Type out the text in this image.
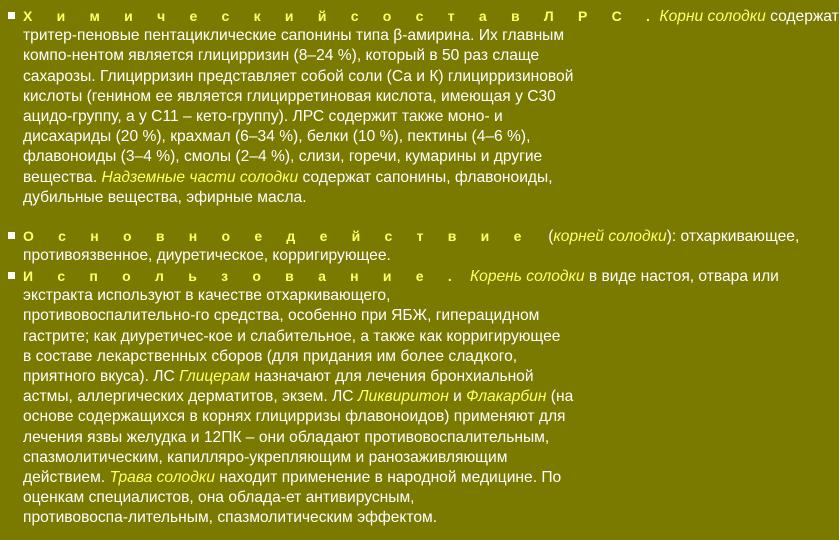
Х и м и ч е с к и й с о с т а в Л Р С . Корни солодки содержат
тритер-пеновые пентациклические сапонины типа β-амирина. Их главным
компо-нентом является глицирризин (8–24 %), который в 50 раз слаще
сахарозы. Глицирризин представляет собой соли (Са и К) глицирризиновой
кислоты (генином ее является глицирретиновая кислота, имеющая у С30
ацидо-группу, а у С11 – кето-группу). ЛРС содержит также моно- и
дисахариды (20 %), крахмал (6–34 %), белки (10 %), пектины (4–6 %),
флавоноиды (3–4 %), смолы (2–4 %), слизи, горечи, кумарины и другие
вещества. Надземные части солодки содержат сапонины, флавоноиды,
дубильные вещества, эфирные масла.
О с н о в н о е д е й с т в и е     (корней солодки): отхаркивающее,
противоязвенное, диуретическое, корригирующее.
И с п о л ь з о в а н и е . Корень солодки в виде настоя, отвара или
экстракта используют в качестве отхаркивающего,
противовоспалительно-го средства, особенно при ЯБЖ, гиперацидном
гастрите; как диуретичес-кое и слабительное, а также как корригирующее
в составе лекарственных сборов (для придания им более сладкого,
приятного вкуса). ЛС Глицерам назначают для лечения бронхиальной
астмы, аллергических дерматитов, экзем. ЛС Ликвиритон и Флакарбин (на
основе содержащихся в корнях глицирризы флавоноидов) применяют для
лечения язвы желудка и 12ПК – они обладают противовоспалительным,
спазмолитическим, капилляро-укрепляющим и ранозаживляющим
действием. Трава солодки находит применение в народной медицине. По
оценкам специалистов, она облада-ет антивирусным,
противовоспа-лительным, спазмолитическим эффектом.
